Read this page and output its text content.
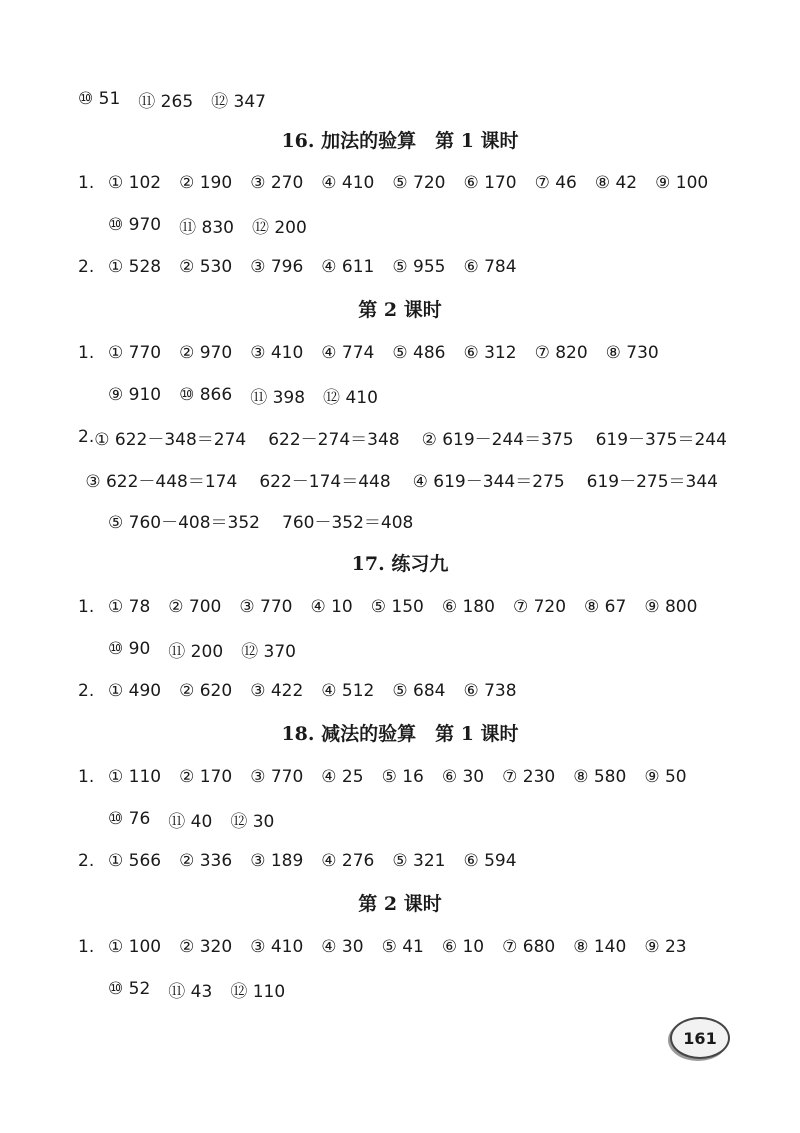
⑩ 51 ⑪ 265 ⑫ 347
16. 加法的验算　第 1 课时
1. ① 102 ② 190 ③ 270 ④ 410 ⑤ 720 ⑥ 170 ⑦ 46 ⑧ 42 ⑨ 100
⑩ 970 ⑪ 830 ⑫ 200
2. ① 528 ② 530 ③ 796 ④ 611 ⑤ 955 ⑥ 784
第 2 课时
1. ① 770 ② 970 ③ 410 ④ 774 ⑤ 486 ⑥ 312 ⑦ 820 ⑧ 730
⑨ 910 ⑩ 866 ⑪ 398 ⑫ 410
2. ① 622－348＝274 622－274＝348 ② 619－244＝375 619－375＝244
③ 622－448＝174 622－174＝448 ④ 619－344＝275 619－275＝344
⑤ 760－408＝352 760－352＝408
17. 练习九
1. ① 78 ② 700 ③ 770 ④ 10 ⑤ 150 ⑥ 180 ⑦ 720 ⑧ 67 ⑨ 800
⑩ 90 ⑪ 200 ⑫ 370
2. ① 490 ② 620 ③ 422 ④ 512 ⑤ 684 ⑥ 738
18. 减法的验算　第 1 课时
1. ① 110 ② 170 ③ 770 ④ 25 ⑤ 16 ⑥ 30 ⑦ 230 ⑧ 580 ⑨ 50
⑩ 76 ⑪ 40 ⑫ 30
2. ① 566 ② 336 ③ 189 ④ 276 ⑤ 321 ⑥ 594
第 2 课时
1. ① 100 ② 320 ③ 410 ④ 30 ⑤ 41 ⑥ 10 ⑦ 680 ⑧ 140 ⑨ 23
⑩ 52 ⑪ 43 ⑫ 110
161
